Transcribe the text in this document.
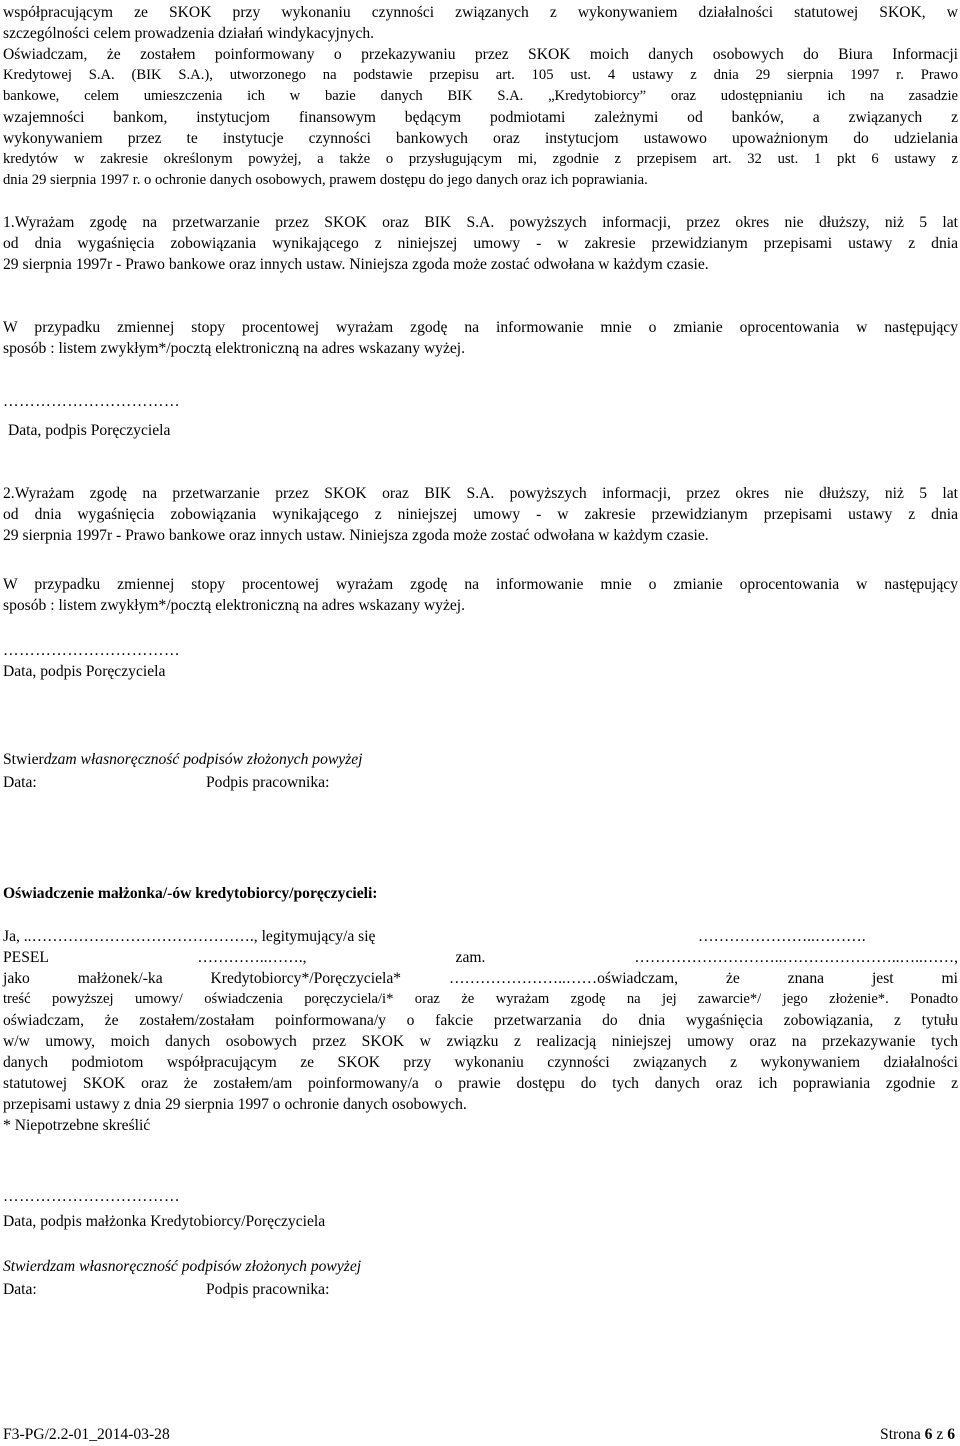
współpracującym ze SKOK przy wykonaniu czynności związanych z wykonywaniem działalności statutowej SKOK, w
szczególności celem prowadzenia działań windykacyjnych.
Oświadczam, że zostałem poinformowany o przekazywaniu przez SKOK moich danych osobowych do Biura Informacji
Kredytowej S.A. (BIK S.A.), utworzonego na podstawie przepisu art. 105 ust. 4 ustawy z dnia 29 sierpnia 1997 r. Prawo
bankowe, celem umieszczenia ich w bazie danych BIK S.A. „Kredytobiorcy” oraz udostępnianiu ich na zasadzie
wzajemności bankom, instytucjom finansowym będącym podmiotami zależnymi od banków, a związanych z
wykonywaniem przez te instytucje czynności bankowych oraz instytucjom ustawowo upoważnionym do udzielania
kredytów w zakresie określonym powyżej, a także o przysługującym mi, zgodnie z przepisem art. 32 ust. 1 pkt 6 ustawy z
dnia 29 sierpnia 1997 r. o ochronie danych osobowych, prawem dostępu do jego danych oraz ich poprawiania.
1.Wyrażam zgodę na przetwarzanie przez SKOK oraz BIK S.A. powyższych informacji, przez okres nie dłuższy, niż 5 lat
od dnia wygaśnięcia zobowiązania wynikającego z niniejszej umowy - w zakresie przewidzianym przepisami ustawy z dnia
29 sierpnia 1997r - Prawo bankowe oraz innych ustaw. Niniejsza zgoda może zostać odwołana w każdym czasie.
W przypadku zmiennej stopy procentowej wyrażam zgodę na informowanie mnie o zmianie oprocentowania w następujący
sposób : listem zwykłym*/pocztą elektroniczną na adres wskazany wyżej.
……………………………
Data, podpis Poręczyciela
2.Wyrażam zgodę na przetwarzanie przez SKOK oraz BIK S.A. powyższych informacji, przez okres nie dłuższy, niż 5 lat
od dnia wygaśnięcia zobowiązania wynikającego z niniejszej umowy - w zakresie przewidzianym przepisami ustawy z dnia
29 sierpnia 1997r - Prawo bankowe oraz innych ustaw. Niniejsza zgoda może zostać odwołana w każdym czasie.
W przypadku zmiennej stopy procentowej wyrażam zgodę na informowanie mnie o zmianie oprocentowania w następujący
sposób : listem zwykłym*/pocztą elektroniczną na adres wskazany wyżej.
……………………………
Data, podpis Poręczyciela
Stwierdzam własnoręczność podpisów złożonych powyżej
Data:	Podpis pracownika:
Oświadczenie małżonka/-ów kredytobiorcy/poręczycieli:
Ja, ..……………………………………., legitymujący/a się	…………………..……….
PESEL …………..……., zam. ………………………..…………………..…..……,
jako małżonek/-ka Kredytobiorcy*/Poręczyciela* …………………..……oświadczam, że znana jest mi
treść powyższej umowy/ oświadczenia poręczyciela/i* oraz że wyrażam zgodę na jej zawarcie*/ jego złożenie*. Ponadto
oświadczam, że zostałem/zostałam poinformowana/y o fakcie przetwarzania do dnia wygaśnięcia zobowiązania, z tytułu
w/w umowy, moich danych osobowych przez SKOK w związku z realizacją niniejszej umowy oraz na przekazywanie tych
danych podmiotom współpracującym ze SKOK przy wykonaniu czynności związanych z wykonywaniem działalności
statutowej SKOK oraz że zostałem/am poinformowany/a o prawie dostępu do tych danych oraz ich poprawiania zgodnie z
przepisami ustawy z dnia 29 sierpnia 1997 o ochronie danych osobowych.
* Niepotrzebne skreślić
……………………………
Data, podpis małżonka Kredytobiorcy/Poręczyciela
Stwierdzam własnoręczność podpisów złożonych powyżej
Data:	Podpis pracownika:
F3-PG/2.2-01_2014-03-28	Strona 6 z 6
